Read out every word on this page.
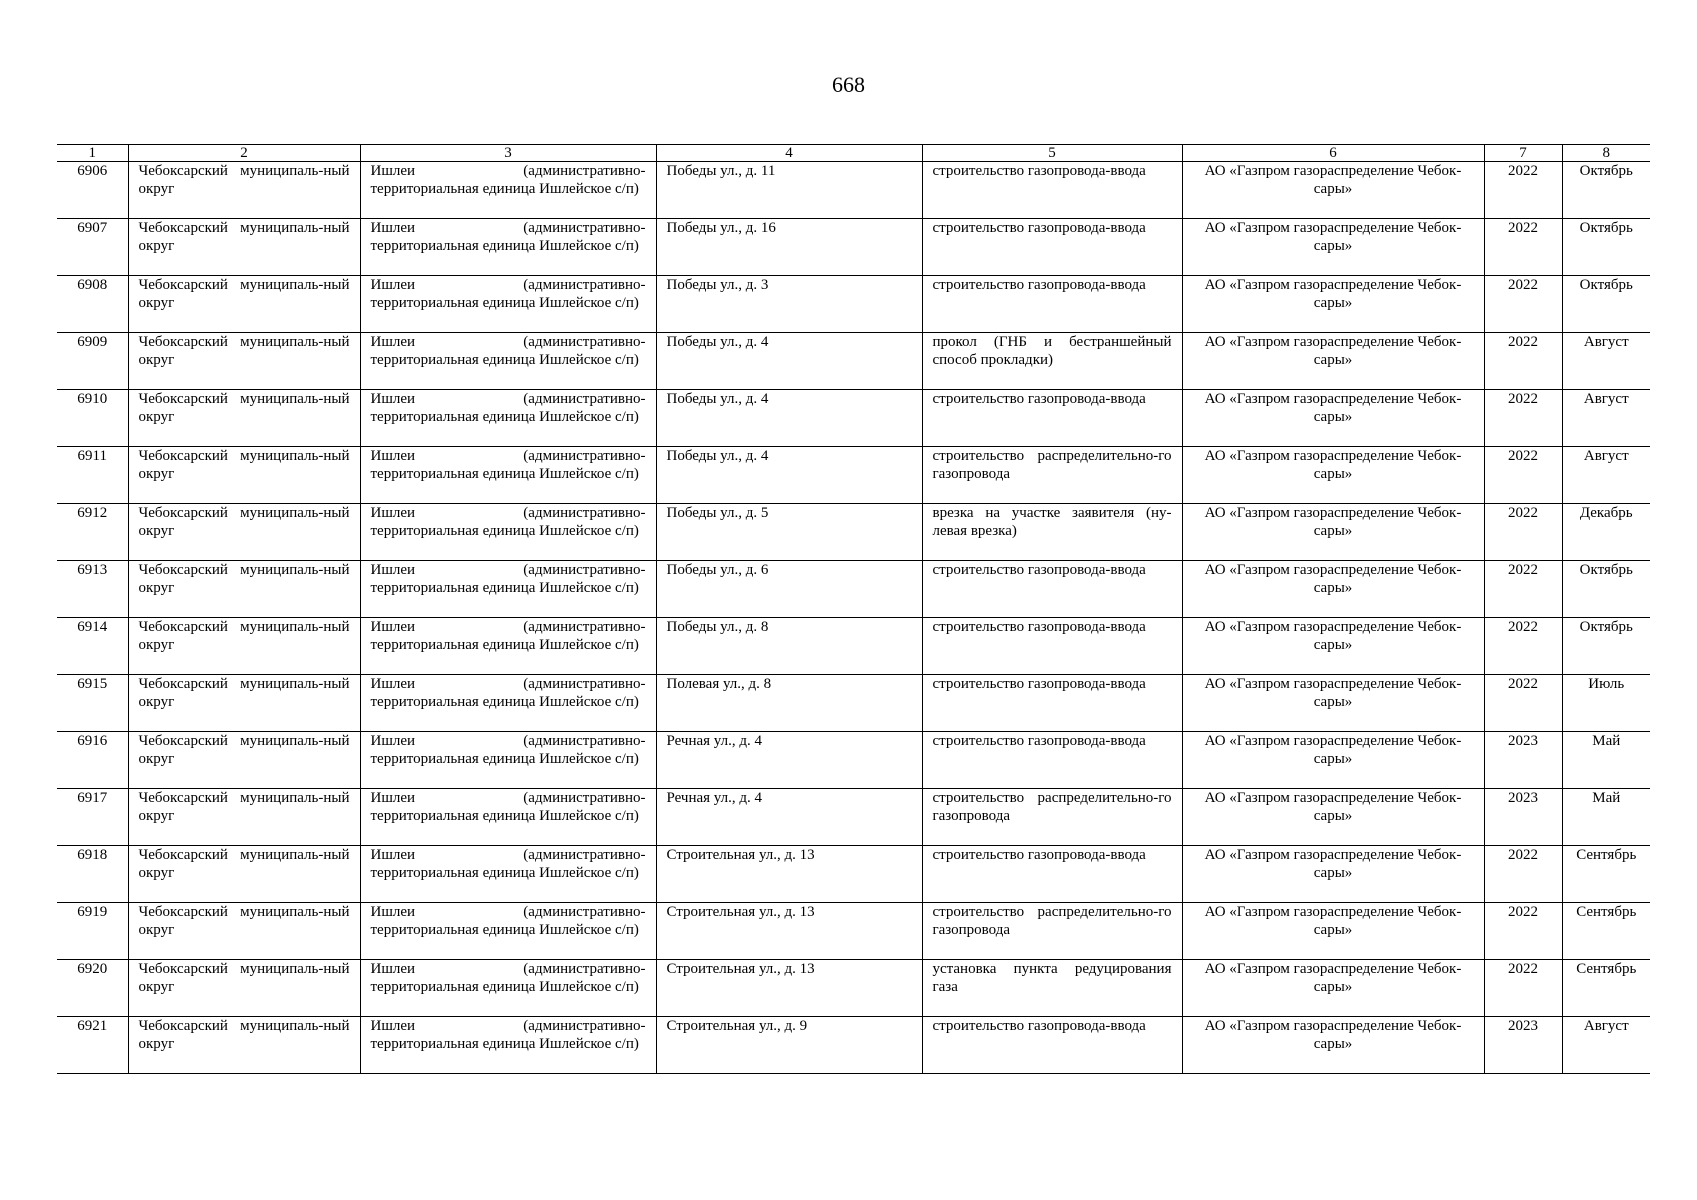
668
1	2	3	4	5	6	7	8
6906	Чебоксарский муниципаль-ный округ	Ишлеи (административно-территориальная единица Ишлейское с/п)	Победы ул., д. 11	строительство газопровода-ввода	АО «Газпром газораспределение Чебок-сары»	2022	Октябрь
6907	Чебоксарский муниципаль-ный округ	Ишлеи (административно-территориальная единица Ишлейское с/п)	Победы ул., д. 16	строительство газопровода-ввода	АО «Газпром газораспределение Чебок-сары»	2022	Октябрь
6908	Чебоксарский муниципаль-ный округ	Ишлеи (административно-территориальная единица Ишлейское с/п)	Победы ул., д. 3	строительство газопровода-ввода	АО «Газпром газораспределение Чебок-сары»	2022	Октябрь
6909	Чебоксарский муниципаль-ный округ	Ишлеи (административно-территориальная единица Ишлейское с/п)	Победы ул., д. 4	прокол (ГНБ и бестраншейный способ прокладки)	АО «Газпром газораспределение Чебок-сары»	2022	Август
6910	Чебоксарский муниципаль-ный округ	Ишлеи (административно-территориальная единица Ишлейское с/п)	Победы ул., д. 4	строительство газопровода-ввода	АО «Газпром газораспределение Чебок-сары»	2022	Август
6911	Чебоксарский муниципаль-ный округ	Ишлеи (административно-территориальная единица Ишлейское с/п)	Победы ул., д. 4	строительство распределительно-го газопровода	АО «Газпром газораспределение Чебок-сары»	2022	Август
6912	Чебоксарский муниципаль-ный округ	Ишлеи (административно-территориальная единица Ишлейское с/п)	Победы ул., д. 5	врезка на участке заявителя (ну-левая врезка)	АО «Газпром газораспределение Чебок-сары»	2022	Декабрь
6913	Чебоксарский муниципаль-ный округ	Ишлеи (административно-территориальная единица Ишлейское с/п)	Победы ул., д. 6	строительство газопровода-ввода	АО «Газпром газораспределение Чебок-сары»	2022	Октябрь
6914	Чебоксарский муниципаль-ный округ	Ишлеи (административно-территориальная единица Ишлейское с/п)	Победы ул., д. 8	строительство газопровода-ввода	АО «Газпром газораспределение Чебок-сары»	2022	Октябрь
6915	Чебоксарский муниципаль-ный округ	Ишлеи (административно-территориальная единица Ишлейское с/п)	Полевая ул., д. 8	строительство газопровода-ввода	АО «Газпром газораспределение Чебок-сары»	2022	Июль
6916	Чебоксарский муниципаль-ный округ	Ишлеи (административно-территориальная единица Ишлейское с/п)	Речная ул., д. 4	строительство газопровода-ввода	АО «Газпром газораспределение Чебок-сары»	2023	Май
6917	Чебоксарский муниципаль-ный округ	Ишлеи (административно-территориальная единица Ишлейское с/п)	Речная ул., д. 4	строительство распределительно-го газопровода	АО «Газпром газораспределение Чебок-сары»	2023	Май
6918	Чебоксарский муниципаль-ный округ	Ишлеи (административно-территориальная единица Ишлейское с/п)	Строительная ул., д. 13	строительство газопровода-ввода	АО «Газпром газораспределение Чебок-сары»	2022	Сентябрь
6919	Чебоксарский муниципаль-ный округ	Ишлеи (административно-территориальная единица Ишлейское с/п)	Строительная ул., д. 13	строительство распределительно-го газопровода	АО «Газпром газораспределение Чебок-сары»	2022	Сентябрь
6920	Чебоксарский муниципаль-ный округ	Ишлеи (административно-территориальная единица Ишлейское с/п)	Строительная ул., д. 13	установка пункта редуцирования газа	АО «Газпром газораспределение Чебок-сары»	2022	Сентябрь
6921	Чебоксарский муниципаль-ный округ	Ишлеи (административно-территориальная единица Ишлейское с/п)	Строительная ул., д. 9	строительство газопровода-ввода	АО «Газпром газораспределение Чебок-сары»	2023	Август
